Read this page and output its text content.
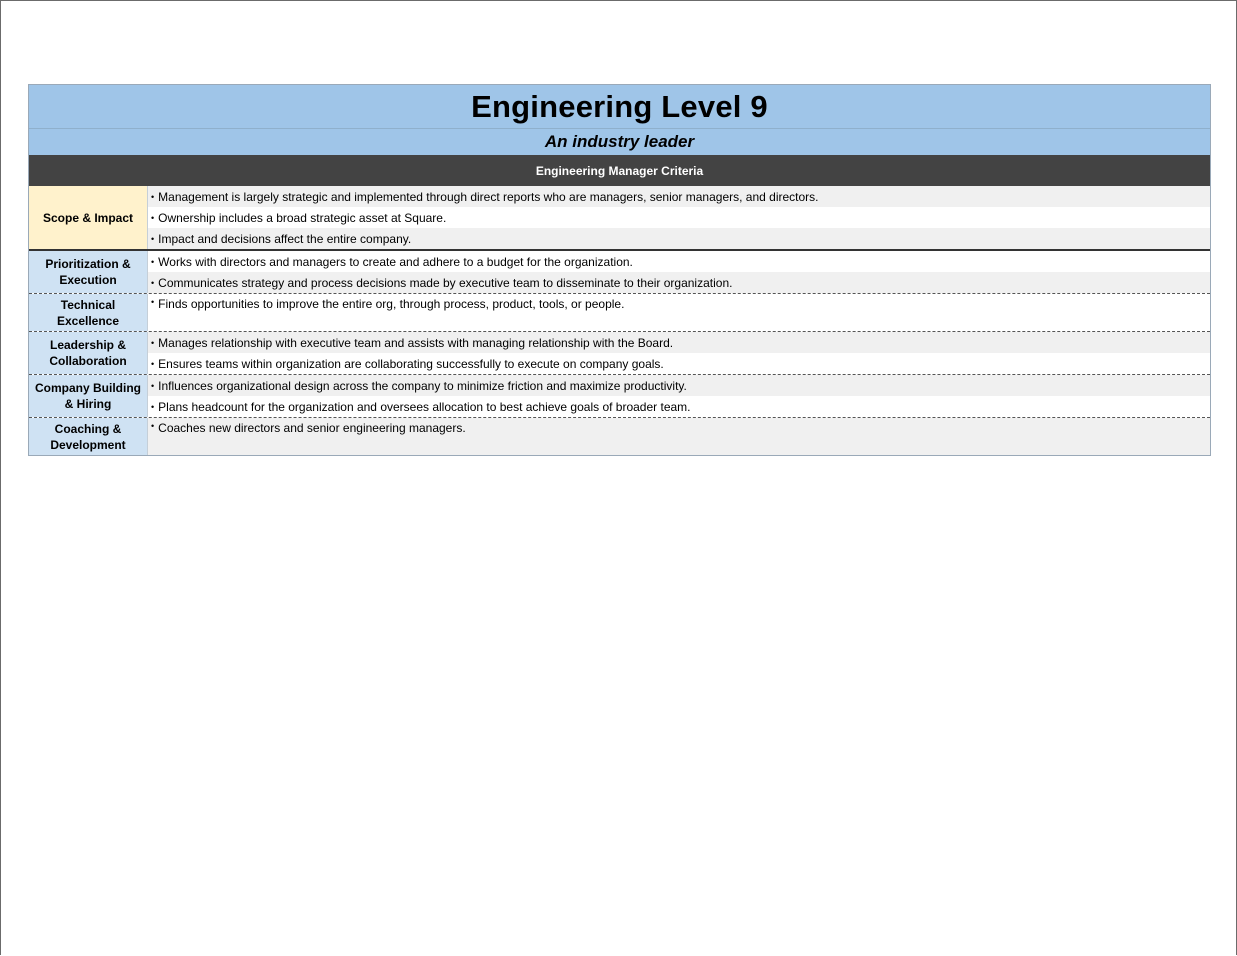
Engineering Level 9
An industry leader
Engineering Manager Criteria
Scope & Impact
• Management is largely strategic and implemented through direct reports who are managers, senior managers, and directors.
• Ownership includes a broad strategic asset at Square.
• Impact and decisions affect the entire company.
Prioritization & Execution
• Works with directors and managers to create and adhere to a budget for the organization.
• Communicates strategy and process decisions made by executive team to disseminate to their organization.
Technical Excellence
• Finds opportunities to improve the entire org, through process, product, tools, or people.
Leadership & Collaboration
• Manages relationship with executive team and assists with managing relationship with the Board.
• Ensures teams within organization are collaborating successfully to execute on company goals.
Company Building & Hiring
• Influences organizational design across the company to minimize friction and maximize productivity.
• Plans headcount for the organization and oversees allocation to best achieve goals of broader team.
Coaching & Development
• Coaches new directors and senior engineering managers.
